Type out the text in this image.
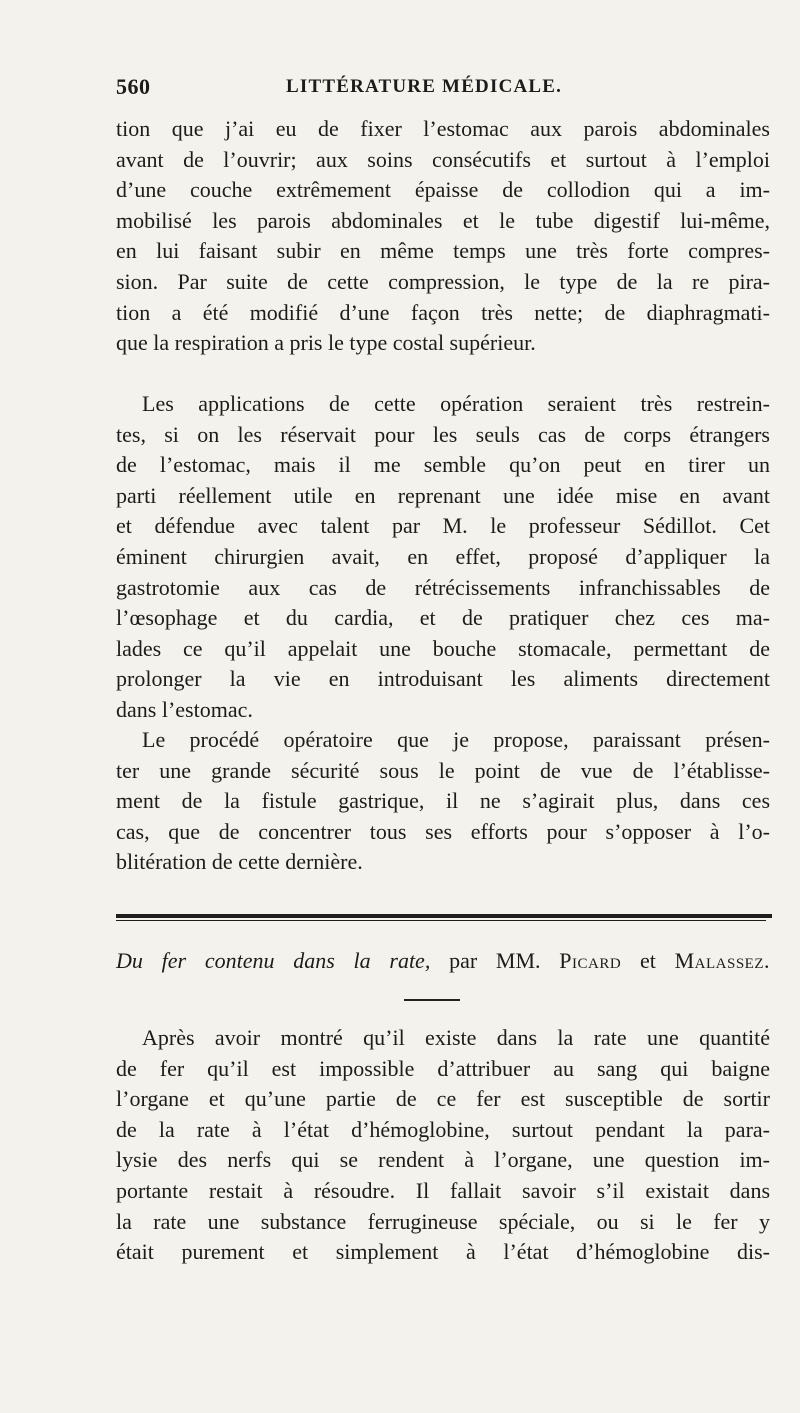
560	LITTÉRATURE MÉDICALE.
tion que j’ai eu de fixer l’estomac aux parois abdominales
avant de l’ouvrir; aux soins consécutifs et surtout à l’emploi
d’une couche extrêmement épaisse de collodion qui a im-
mobilisé les parois abdominales et le tube digestif lui-même,
en lui faisant subir en même temps une très forte compres-
sion. Par suite de cette compression, le type de la re pira-
tion a été modifié d’une façon très nette; de diaphragmati-
que la respiration a pris le type costal supérieur.
Les applications de cette opération seraient très restrein-
tes, si on les réservait pour les seuls cas de corps étrangers
de l’estomac, mais il me semble qu’on peut en tirer un
parti réellement utile en reprenant une idée mise en avant
et défendue avec talent par M. le professeur Sédillot. Cet
éminent chirurgien avait, en effet, proposé d’appliquer la
gastrotomie aux cas de rétrécissements infranchissables de
l’œsophage et du cardia, et de pratiquer chez ces ma-
lades ce qu’il appelait une bouche stomacale, permettant de
prolonger la vie en introduisant les aliments directement
dans l’estomac.
Le procédé opératoire que je propose, paraissant présen-
ter une grande sécurité sous le point de vue de l’établisse-
ment de la fistule gastrique, il ne s’agirait plus, dans ces
cas, que de concentrer tous ses efforts pour s’opposer à l’o-
blitération de cette dernière.
Du fer contenu dans la rate, par MM. Picard et Malassez.
Après avoir montré qu’il existe dans la rate une quantité
de fer qu’il est impossible d’attribuer au sang qui baigne
l’organe et qu’une partie de ce fer est susceptible de sortir
de la rate à l’état d’hémoglobine, surtout pendant la para-
lysie des nerfs qui se rendent à l’organe, une question im-
portante restait à résoudre. Il fallait savoir s’il existait dans
la rate une substance ferrugineuse spéciale, ou si le fer y
était purement et simplement à l’état d’hémoglobine dis-
